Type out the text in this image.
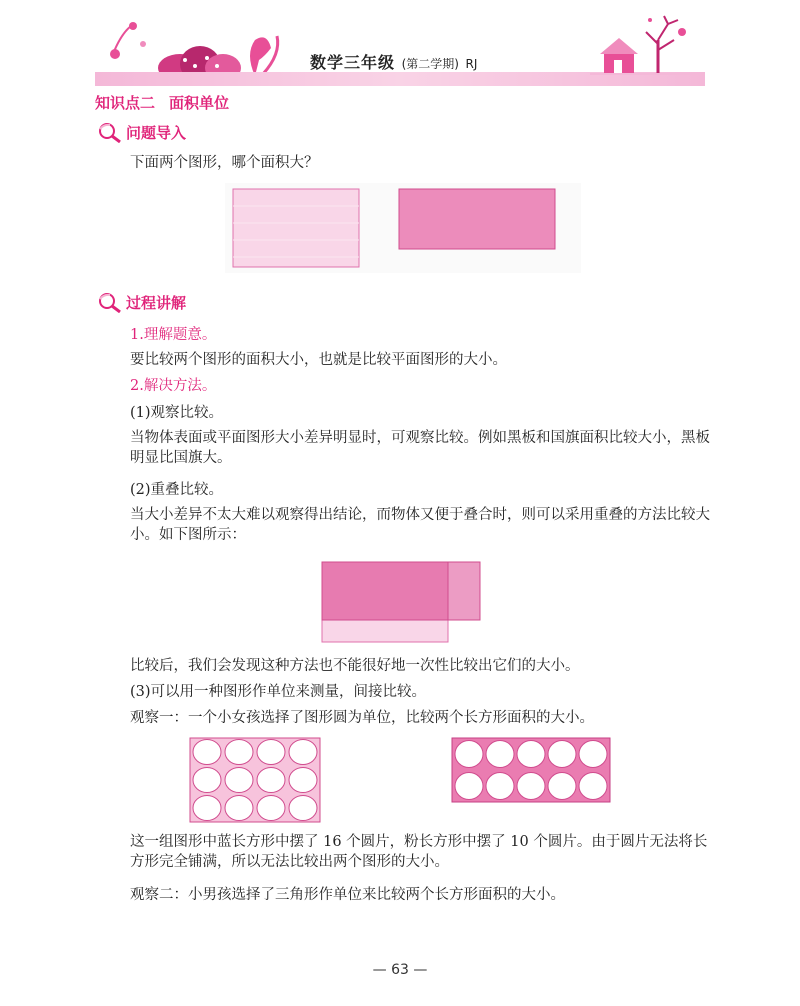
数学三年级 (第二学期) RJ
知识点二 面积单位
问题导入
下面两个图形，哪个面积大？
过程讲解
1.理解题意。
要比较两个图形的面积大小，也就是比较平面图形的大小。
2.解决方法。
(1)观察比较。
当物体表面或平面图形大小差异明显时，可观察比较。例如黑板和国旗面积比较大小，黑板明显比国旗大。
(2)重叠比较。
当大小差异不太大难以观察得出结论，而物体又便于叠合时，则可以采用重叠的方法比较大小。如下图所示：
比较后，我们会发现这种方法也不能很好地一次性比较出它们的大小。
(3)可以用一种图形作单位来测量，间接比较。
观察一：一个小女孩选择了图形圆为单位，比较两个长方形面积的大小。
这一组图形中蓝长方形中摆了 16 个圆片，粉长方形中摆了 10 个圆片。由于圆片无法将长方形完全铺满，所以无法比较出两个图形的大小。
观察二：小男孩选择了三角形作单位来比较两个长方形面积的大小。
— 63 —
